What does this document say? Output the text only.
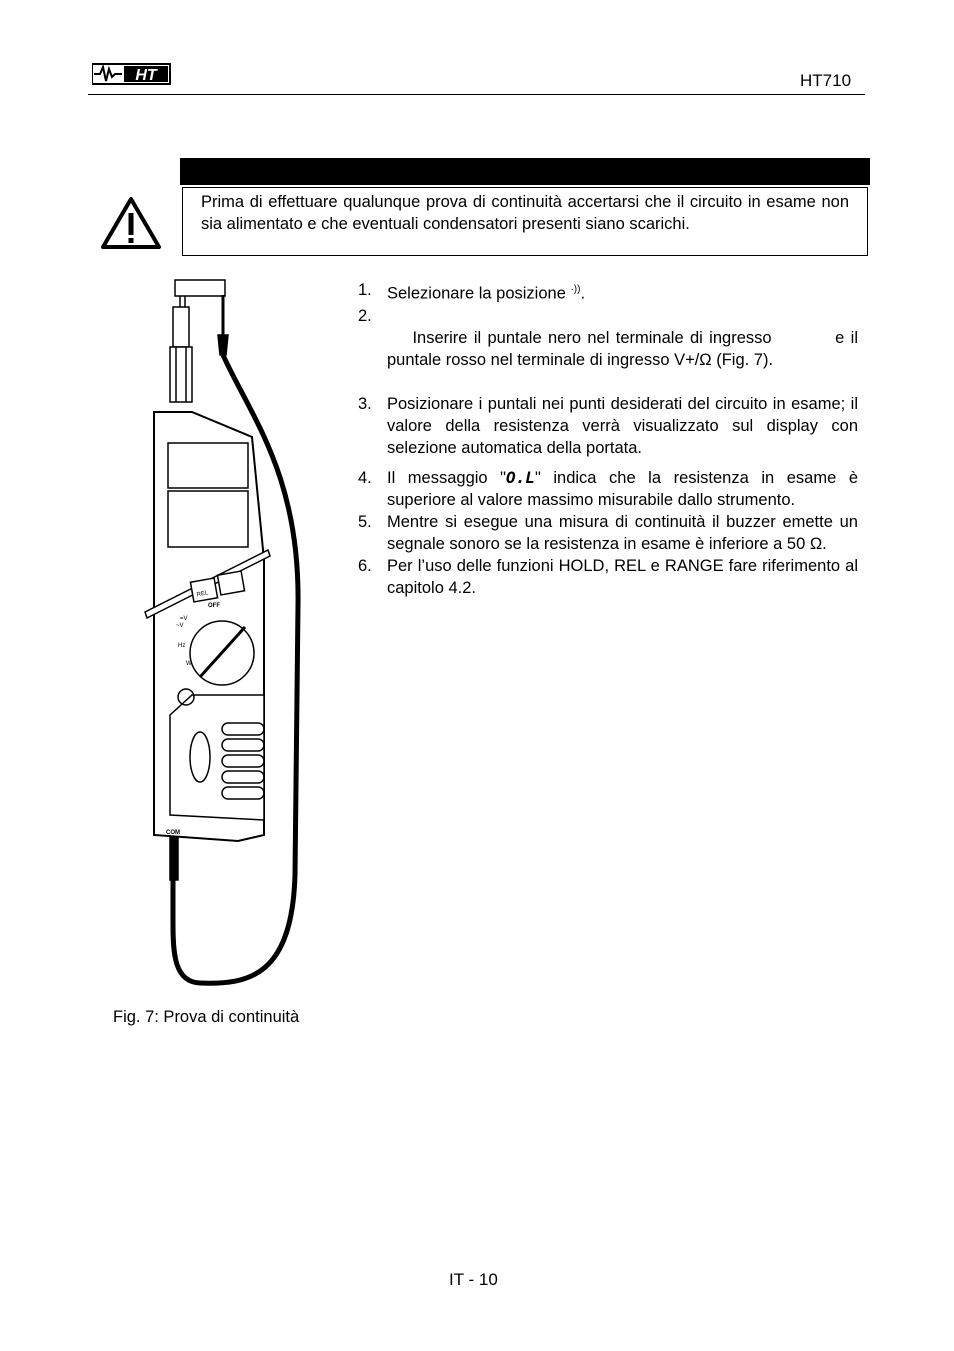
HT	HT710
Prima di effettuare qualunque prova di continuità accertarsi che il circuito in esame non sia alimentato e che eventuali condensatori presenti siano scarichi.
REL
OFF
=V
~V
Hz
W
COM
1. Selezionare la posizione ·)).

2.
Inserire il puntale nero nel terminale di ingresso          e il puntale rosso nel terminale di ingresso V+/Ω (Fig. 7).

3. Posizionare i puntali nei punti desiderati del circuito in esame; il valore della resistenza verrà visualizzato sul display con selezione automatica della portata.
4. Il messaggio "O.L" indica che la resistenza in esame è superiore al valore massimo misurabile dallo strumento.
5. Mentre si esegue una misura di continuità il buzzer emette un segnale sonoro se la resistenza in esame è inferiore a 50 Ω.
6. Per l’uso delle funzioni HOLD, REL e RANGE fare riferimento al capitolo 4.2.
Fig. 7: Prova di continuità
IT - 10
